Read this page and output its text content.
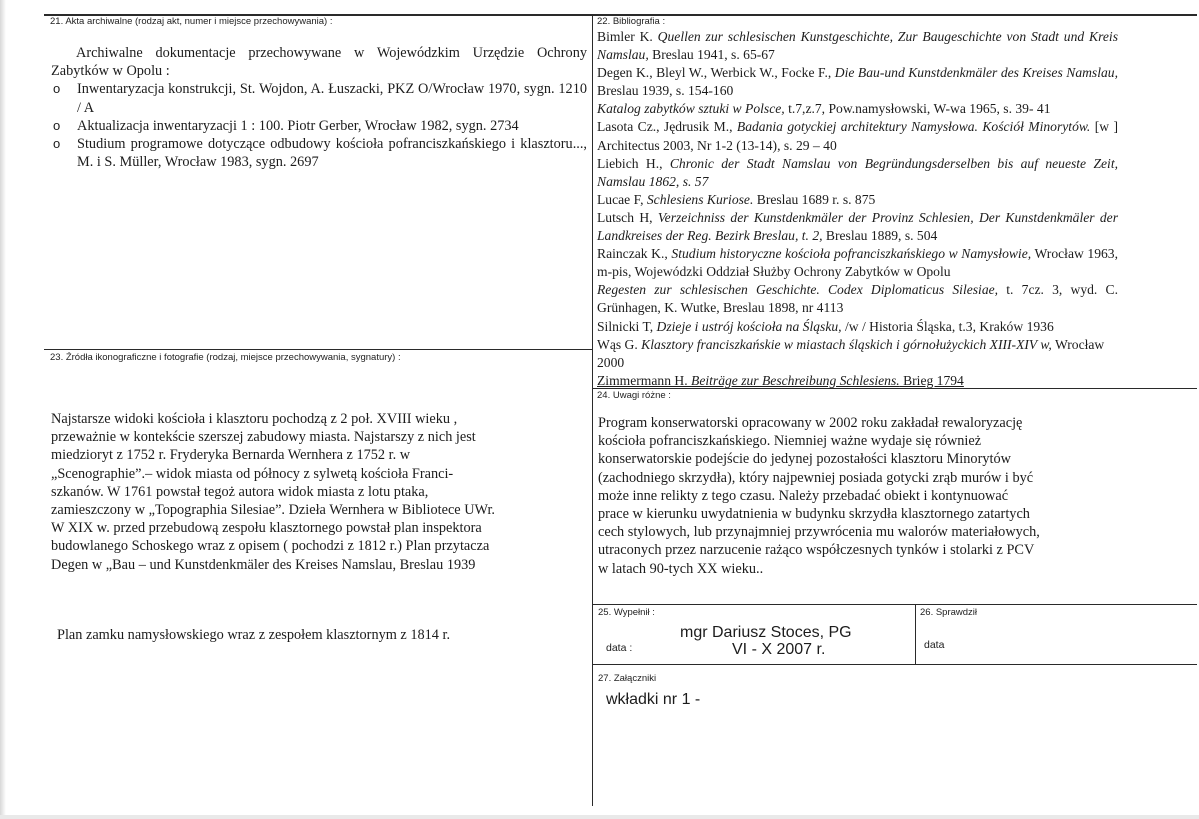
21. Akta archiwalne (rodzaj akt, numer i miejsce przechowywania) :

Archiwalne dokumentacje przechowywane w Wojewódzkim Urzędzie Ochrony Zabytków w Opolu :

o Inwentaryzacja konstrukcji, St. Wojdon, A. Łuszacki, PKZ O/Wrocław 1970, sygn. 1210 / A

o Aktualizacja inwentaryzacji 1 : 100. Piotr Gerber, Wrocław 1982, sygn. 2734

o Studium programowe dotyczące odbudowy kościoła pofranciszkańskiego i klasztoru..., M. i S. Müller, Wrocław 1983, sygn. 2697

22. Bibliografia :

Bimler K. Quellen zur schlesischen Kunstgeschichte, Zur Baugeschichte von Stadt und Kreis Namslau, Breslau 1941, s. 65-67

Degen K., Bleyl W., Werbick W., Focke F., Die Bau-und Kunstdenkmäler des Kreises Namslau, Breslau 1939, s. 154-160

Katalog zabytków sztuki w Polsce, t.7,z.7, Pow.namysłowski, W-wa 1965, s. 39- 41

Lasota Cz., Jędrusik M., Badania gotyckiej architektury Namysłowa. Kościół Minorytów. [w ] Architectus 2003, Nr 1-2 (13-14), s. 29 – 40

Liebich H., Chronic der Stadt Namslau von Begründungsderselben bis auf neueste Zeit, Namslau 1862, s. 57

Lucae F, Schlesiens Kuriose. Breslau 1689 r. s. 875

Lutsch H, Verzeichniss der Kunstdenkmäler der Provinz Schlesien, Der Kunstdenkmäler der Landkreises der Reg. Bezirk Breslau, t. 2, Breslau 1889, s. 504

Rainczak K., Studium historyczne kościoła pofranciszkańskiego w Namysłowie, Wrocław 1963, m-pis, Wojewódzki Oddział Służby Ochrony Zabytków w Opolu

Regesten zur schlesischen Geschichte. Codex Diplomaticus Silesiae, t. 7cz. 3, wyd. C. Grünhagen, K. Wutke, Breslau 1898, nr 4113

Silnicki T, Dzieje i ustrój kościoła na Śląsku, /w / Historia Śląska, t.3, Kraków 1936

Wąs G. Klasztory franciszkańskie w miastach śląskich i górnołużyckich XIII-XIV w, Wrocław 2000

Zimmermann H. Beiträge zur Beschreibung Schlesiens. Brieg 1794

23. Źródła ikonograficzne i fotografie (rodzaj, miejsce przechowywania, sygnatury) :
Najstarsze widoki kościoła i klasztoru pochodzą z 2 poł. XVIII wieku ,
przeważnie w kontekście szerszej zabudowy miasta. Najstarszy z nich jest
miedzioryt z 1752 r. Fryderyka Bernarda Wernhera z 1752 r. w
„Scenographie”.– widok miasta od północy z sylwetą kościoła Franci-
szkanów. W 1761 powstał tegoż autora widok miasta z lotu ptaka,
zamieszczony w „Topographia Silesiae”. Dzieła Wernhera w Bibliotece UWr.
W XIX w. przed przebudową zespołu klasztornego powstał plan inspektora
budowlanego Schoskego wraz z opisem ( pochodzi z 1812 r.) Plan przytacza
Degen w „Bau – und Kunstdenkmäler des Kreises Namslau, Breslau 1939
Plan zamku namysłowskiego wraz z zespołem klasztornym z 1814 r.
24. Uwagi różne :
Program konserwatorski opracowany w 2002 roku zakładał rewaloryzację
kościoła pofranciszkańskiego. Niemniej ważne wydaje się również
konserwatorskie podejście do jedynej pozostałości klasztoru Minorytów
(zachodniego skrzydła), który najpewniej posiada gotycki zrąb murów i być
może inne relikty z tego czasu. Należy przebadać obiekt i kontynuować
prace w kierunku uwydatnienia w budynku skrzydła klasztornego zatartych
cech stylowych, lub przynajmniej przywrócenia mu walorów materiałowych,
utraconych przez narzucenie rażąco współczesnych tynków i stolarki z PCV
w latach 90-tych XX wieku..
25. Wypełnił :
mgr Dariusz Stoces, PG
data :	VI - X 2007 r.
26. Sprawdził
data
27. Załączniki
wkładki nr 1 -
